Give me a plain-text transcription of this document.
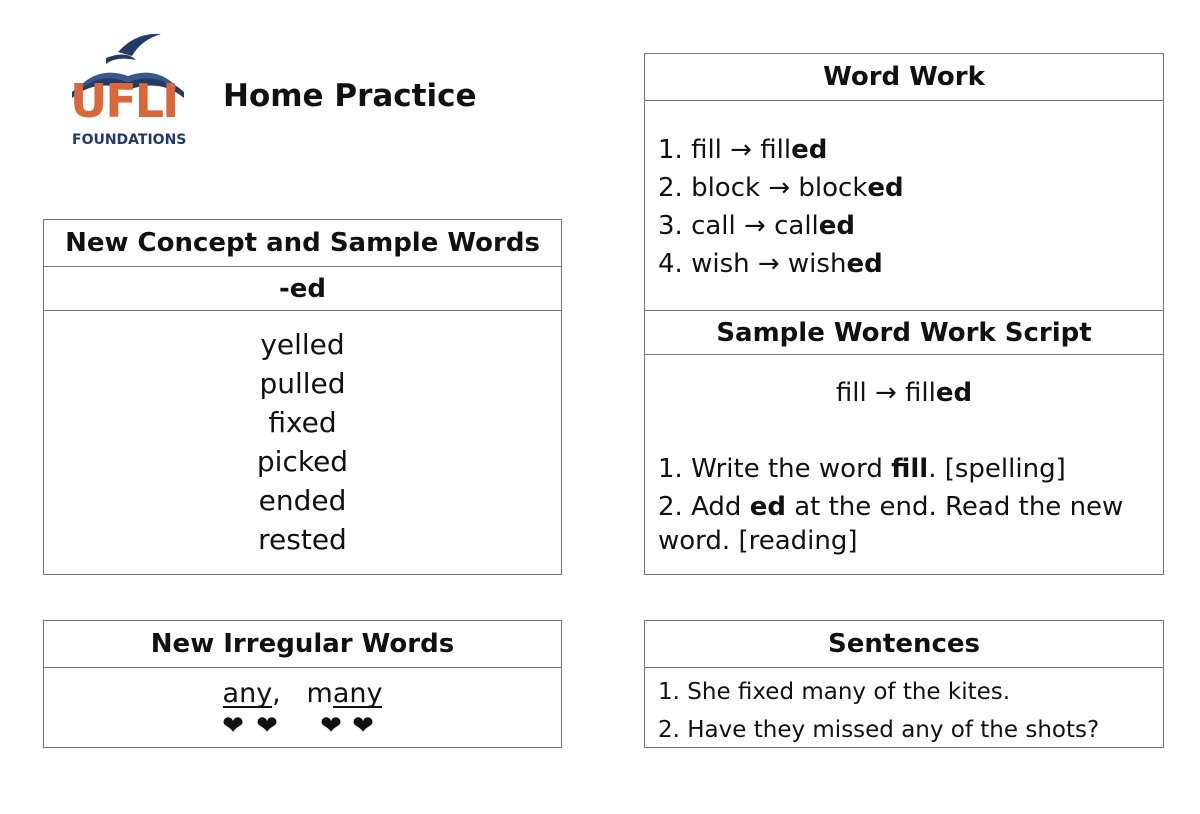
UFLI
FOUNDATIONS
Home Practice
New Concept and Sample Words
-ed
yelled
pulled
fixed
picked
ended
rested
New Irregular Words
any, many
❤ ❤ ❤ ❤
Word Work
1. fill → filled
2. block → blocked
3. call → called
4. wish → wished
Sample Word Work Script
fill → filled
1. Write the word fill. [spelling]
2. Add ed at the end. Read the new
word. [reading]
Sentences
1. She fixed many of the kites.
2. Have they missed any of the shots?
